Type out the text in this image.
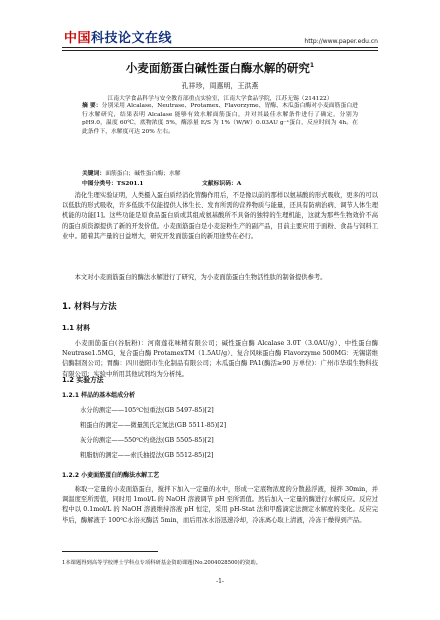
中国科技论文在线	http://www.paper.edu.cn
小麦面筋蛋白碱性蛋白酶水解的研究$^1$
孔祥珍，周惠明，王洪燕
江南大学食品科学与安全教育部重点实验室，江南大学食品学院，江苏无锡（214122）
摘 要：分别采用 Alcalase、Neutrase、Protamex、Flavorzyme、胃酶、木瓜蛋白酶对小麦面筋蛋白进行水解研究，结果表明 Alcalase 能够有效水解面筋蛋白，并对其最佳水解条件进行了确定，分别为 pH9.0，温度 60℃，底物浓度 5%，酶添量 E/S 为 1%（W/W）0.03AU g⁻¹蛋白，反应时间为 4h。在此条件下，水解度可达 20% 左右。
关键词：面筋蛋白；碱性蛋白酶；水解
中图分类号：TS201.1	文献标识码：A

消化生理实验证明，人类摄入蛋白质经消化管酶作用后，不是像以前的那样以氨基酸的形式吸收，更多的可以以低肽的形式吸收，许多低肽不仅能提供人体生长、发育所需的营养物质与能量，还具有防病治病、调节人体生理机能的功能[1]。这些功能是原食品蛋白质或其组成氨基酸所不具备的独特的生理机能，这就为那些生物效价不高的蛋白质资源提供了新的开发价值。小麦面筋蛋白是小麦淀粉生产的副产品，目前主要应用于面粉、食品与饲料工业中。随着其产量的日益增大，研究开发面筋蛋白的新用途势在必行。

本文对小麦面筋蛋白的酶法水解进行了研究，为小麦面筋蛋白生物活性肽的制备提供参考。

1. 材料与方法
1.1 材料

小麦面筋蛋白(谷朊粉)：河南莲花味精有限公司；碱性蛋白酶 Alcalase 3.0T（3.0AU/g）、中性蛋白酶 Neutrase1.5MG、复合蛋白酶 ProtamexTM（1.5AU/g）、复合风味蛋白酶 Flavorzyme 500MG：无锡诺维信酶制剂公司；胃酶：四川德阳市生化制品有限公司；木瓜蛋白酶 PA1(酶活≥90 万单位)：广州市华琪生物科技有限公司；实验中所用其他试剂均为分析纯。

1.2 实验方法
1.2.1 样品的基本组成分析
水分的测定——105℃恒重法(GB 5497-85)[2]
粗蛋白的测定——微量凯氏定氮法(GB 5511-85)[2]
灰分的测定——550℃灼烧法(GB 5505-85)[2]
粗脂肪的测定——索氏抽提法(GB 5512-85)[2]
1.2.2 小麦面筋蛋白的酶法水解工艺

称取一定量的小麦面筋蛋白，搅拌下加入一定量的水中，形成一定底物浓度的分散悬浮液，搅拌 30min，并调温度至所需值，同时用 1mol/L 的 NaOH 溶液调节 pH 至所需值。然后加入一定量的酶进行水解反应。反应过程中以 0.1mol/L 的 NaOH 溶液维持溶液 pH 恒定，采用 pH-Stat 法和甲醛滴定法测定水解度的变化。反应完毕后，酶解液于 100℃水浴灭酶活 5min，而后用冰水浴迅速冷却，冷冻离心取上清液，冷冻干燥得到产品。

1本课题得到高等学校博士学科点专项科研基金资助课题(No.2004028500)的资助。
-1-
